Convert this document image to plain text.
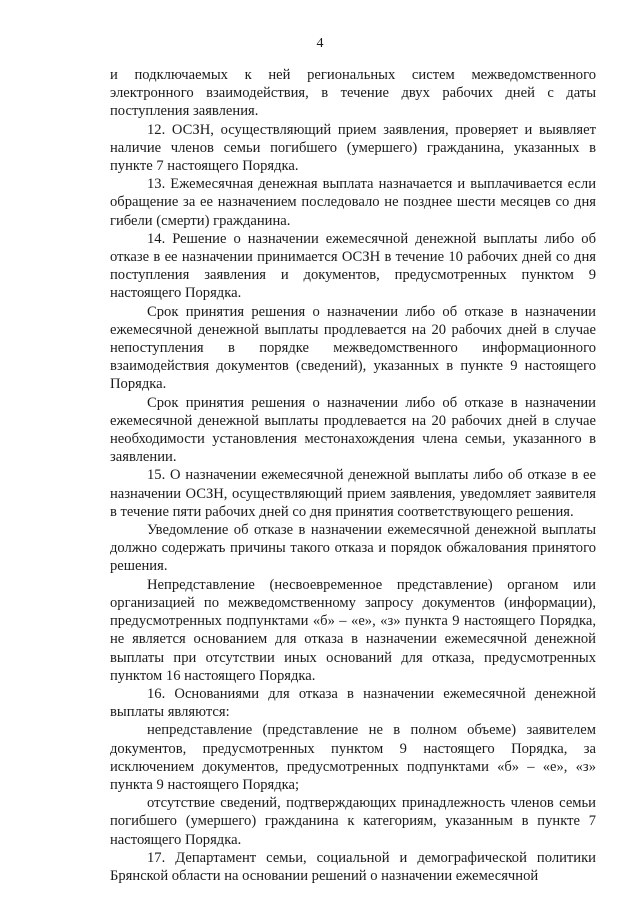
4

и подключаемых к ней региональных систем межведомственного электронного взаимодействия, в течение двух рабочих дней с даты поступления заявления.

12. ОСЗН, осуществляющий прием заявления, проверяет и выявляет наличие членов семьи погибшего (умершего) гражданина, указанных в пункте 7 настоящего Порядка.

13. Ежемесячная денежная выплата назначается и выплачивается если обращение за ее назначением последовало не позднее шести месяцев со дня гибели (смерти) гражданина.

14. Решение о назначении ежемесячной денежной выплаты либо об отказе в ее назначении принимается ОСЗН в течение 10 рабочих дней со дня поступления заявления и документов, предусмотренных пунктом 9 настоящего Порядка.

Срок принятия решения о назначении либо об отказе в назначении ежемесячной денежной выплаты продлевается на 20 рабочих дней в случае непоступления в порядке межведомственного информационного взаимодействия документов (сведений), указанных в пункте 9 настоящего Порядка.

Срок принятия решения о назначении либо об отказе в назначении ежемесячной денежной выплаты продлевается на 20 рабочих дней в случае необходимости установления местонахождения члена семьи, указанного в заявлении.

15. О назначении ежемесячной денежной выплаты либо об отказе в ее назначении ОСЗН, осуществляющий прием заявления, уведомляет заявителя в течение пяти рабочих дней со дня принятия соответствующего решения.

Уведомление об отказе в назначении ежемесячной денежной выплаты должно содержать причины такого отказа и порядок обжалования принятого решения.

Непредставление (несвоевременное представление) органом или организацией по межведомственному запросу документов (информации), предусмотренных подпунктами «б» – «е», «з» пункта 9 настоящего Порядка, не является основанием для отказа в назначении ежемесячной денежной выплаты при отсутствии иных оснований для отказа, предусмотренных пунктом 16 настоящего Порядка.

16. Основаниями для отказа в назначении ежемесячной денежной выплаты являются:

непредставление (представление не в полном объеме) заявителем документов, предусмотренных пунктом 9 настоящего Порядка, за исключением документов, предусмотренных подпунктами «б» – «е», «з» пункта 9 настоящего Порядка;

отсутствие сведений, подтверждающих принадлежность членов семьи погибшего (умершего) гражданина к категориям, указанным в пункте 7 настоящего Порядка.

17. Департамент семьи, социальной и демографической политики Брянской области на основании решений о назначении ежемесячной
